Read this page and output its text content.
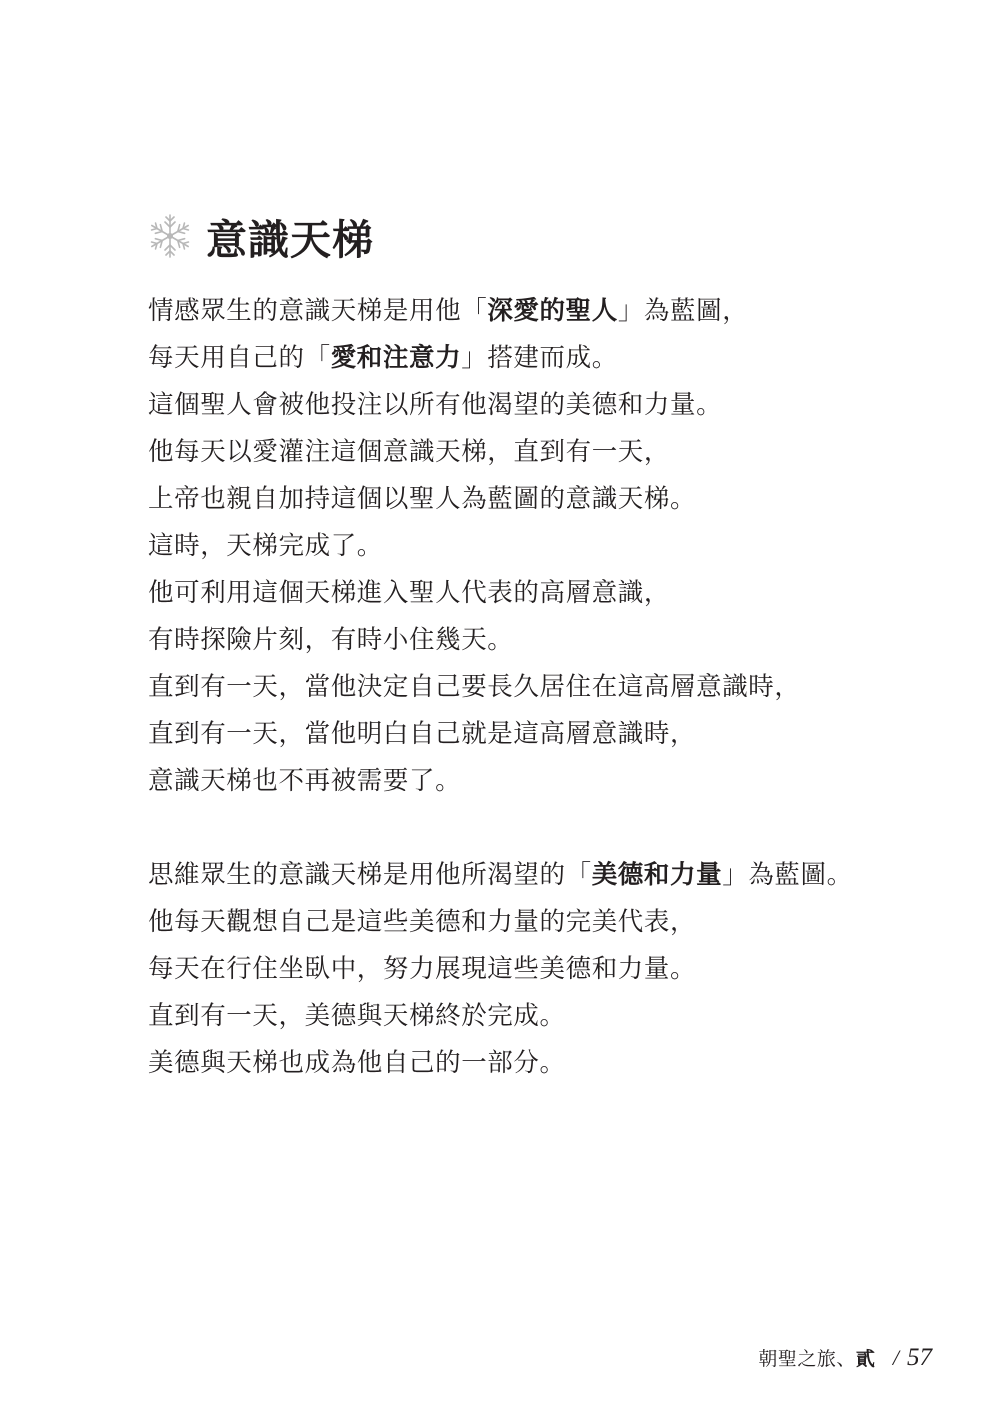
意識天梯
情感眾生的意識天梯是用他「深愛的聖人」為藍圖，
每天用自己的「愛和注意力」搭建而成。
這個聖人會被他投注以所有他渴望的美德和力量。
他每天以愛灌注這個意識天梯，直到有一天，
上帝也親自加持這個以聖人為藍圖的意識天梯。
這時，天梯完成了。
他可利用這個天梯進入聖人代表的高層意識，
有時探險片刻，有時小住幾天。
直到有一天，當他決定自己要長久居住在這高層意識時，
直到有一天，當他明白自己就是這高層意識時，
意識天梯也不再被需要了。
思維眾生的意識天梯是用他所渴望的「美德和力量」為藍圖。
他每天觀想自己是這些美德和力量的完美代表，
每天在行住坐臥中，努力展現這些美德和力量。
直到有一天，美德與天梯終於完成。
美德與天梯也成為他自己的一部分。
朝聖之旅、 貳 / 57
